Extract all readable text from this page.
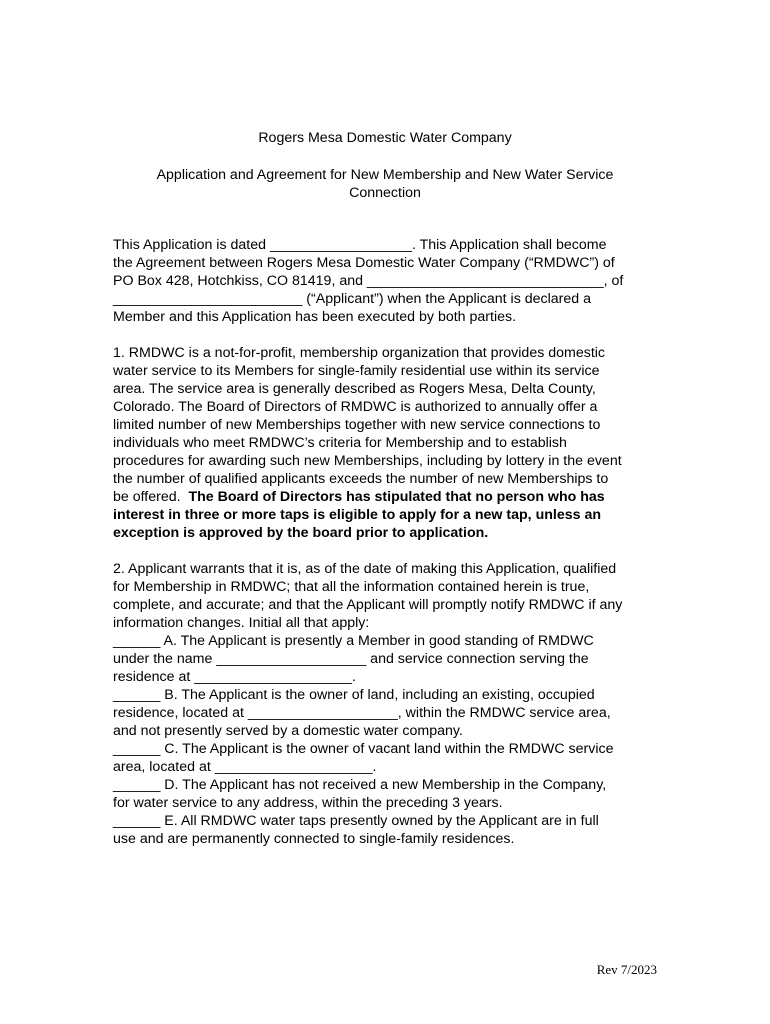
Rogers Mesa Domestic Water Company
Application and Agreement for New Membership and New Water Service
Connection

This Application is dated __________________. This Application shall become

the Agreement between Rogers Mesa Domestic Water Company (“RMDWC”) of

PO Box 428, Hotchkiss, CO 81419, and ______________________________, of

________________________ (“Applicant”) when the Applicant is declared a

Member and this Application has been executed by both parties.

1. RMDWC is a not-for-profit, membership organization that provides domestic

water service to its Members for single-family residential use within its service

area. The service area is generally described as Rogers Mesa, Delta County,

Colorado. The Board of Directors of RMDWC is authorized to annually offer a

limited number of new Memberships together with new service connections to

individuals who meet RMDWC’s criteria for Membership and to establish

procedures for awarding such new Memberships, including by lottery in the event

the number of qualified applicants exceeds the number of new Memberships to

be offered.  The Board of Directors has stipulated that no person who has

interest in three or more taps is eligible to apply for a new tap, unless an

exception is approved by the board prior to application.

2. Applicant warrants that it is, as of the date of making this Application, qualified

for Membership in RMDWC; that all the information contained herein is true,

complete, and accurate; and that the Applicant will promptly notify RMDWC if any

information changes. Initial all that apply:

______ A. The Applicant is presently a Member in good standing of RMDWC

under the name ___________________ and service connection serving the

residence at ____________________.

______ B. The Applicant is the owner of land, including an existing, occupied

residence, located at ___________________, within the RMDWC service area,

and not presently served by a domestic water company.

______ C. The Applicant is the owner of vacant land within the RMDWC service

area, located at ____________________.

______ D. The Applicant has not received a new Membership in the Company,

for water service to any address, within the preceding 3 years.

______ E. All RMDWC water taps presently owned by the Applicant are in full

use and are permanently connected to single-family residences.

Rev 7/2023
